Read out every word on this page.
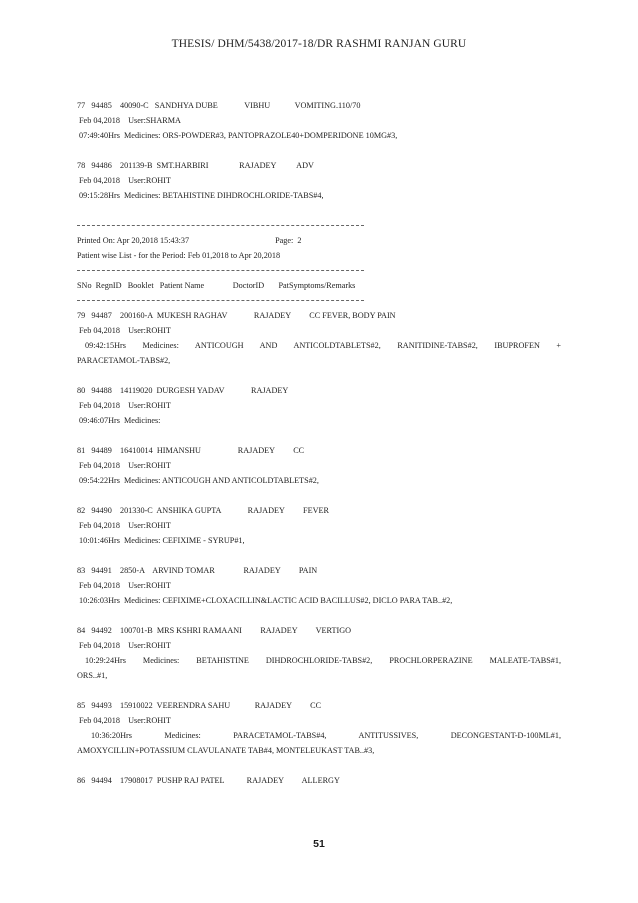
THESIS/ DHM/5438/2017-18/DR RASHMI RANJAN GURU
77   94485    40090-C   SANDHYA DUBE             VIBHU            VOMITING.110/70
Feb 04,2018    User:SHARMA
07:49:40Hrs  Medicines: ORS-POWDER#3, PANTOPRAZOLE40+DOMPERIDONE 10MG#3,
78   94486    201139-B  SMT.HARBIRI               RAJADEY          ADV
Feb 04,2018    User:ROHIT
09:15:28Hrs  Medicines: BETAHISTINE DIHDROCHLORIDE-TABS#4,
Printed On: Apr 20,2018 15:43:37                                          Page:  2
Patient wise List - for the Period: Feb 01,2018 to Apr 20,2018
SNo  RegnID   Booklet   Patient Name              DoctorID       PatSymptoms/Remarks
79   94487    200160-A  MUKESH RAGHAV             RAJADEY         CC FEVER, BODY PAIN
Feb 04,2018    User:ROHIT
09:42:15Hrs Medicines: ANTICOUGH AND ANTICOLDTABLETS#2, RANITIDINE-TABS#2, IBUPROFEN +
PARACETAMOL-TABS#2,
80   94488    14119020  DURGESH YADAV             RAJADEY
Feb 04,2018    User:ROHIT
09:46:07Hrs  Medicines:
81   94489    16410014  HIMANSHU                  RAJADEY         CC
Feb 04,2018    User:ROHIT
09:54:22Hrs  Medicines: ANTICOUGH AND ANTICOLDTABLETS#2,
82   94490    201330-C  ANSHIKA GUPTA             RAJADEY         FEVER
Feb 04,2018    User:ROHIT
10:01:46Hrs  Medicines: CEFIXIME - SYRUP#1,
83   94491    2850-A    ARVIND TOMAR              RAJADEY         PAIN
Feb 04,2018    User:ROHIT
10:26:03Hrs  Medicines: CEFIXIME+CLOXACILLIN&LACTIC ACID BACILLUS#2, DICLO PARA TAB..#2,
84   94492    100701-B  MRS KSHRI RAMAANI         RAJADEY         VERTIGO
Feb 04,2018    User:ROHIT
10:29:24Hrs Medicines: BETAHISTINE DIHDROCHLORIDE-TABS#2, PROCHLORPERAZINE MALEATE-TABS#1,
ORS..#1,
85   94493    15910022  VEERENDRA SAHU            RAJADEY         CC
Feb 04,2018    User:ROHIT
10:36:20Hrs Medicines: PARACETAMOL-TABS#4, ANTITUSSIVES, DECONGESTANT-D-100ML#1,
AMOXYCILLIN+POTASSIUM CLAVULANATE TAB#4, MONTELEUKAST TAB..#3,
86   94494    17908017  PUSHP RAJ PATEL           RAJADEY         ALLERGY
51
